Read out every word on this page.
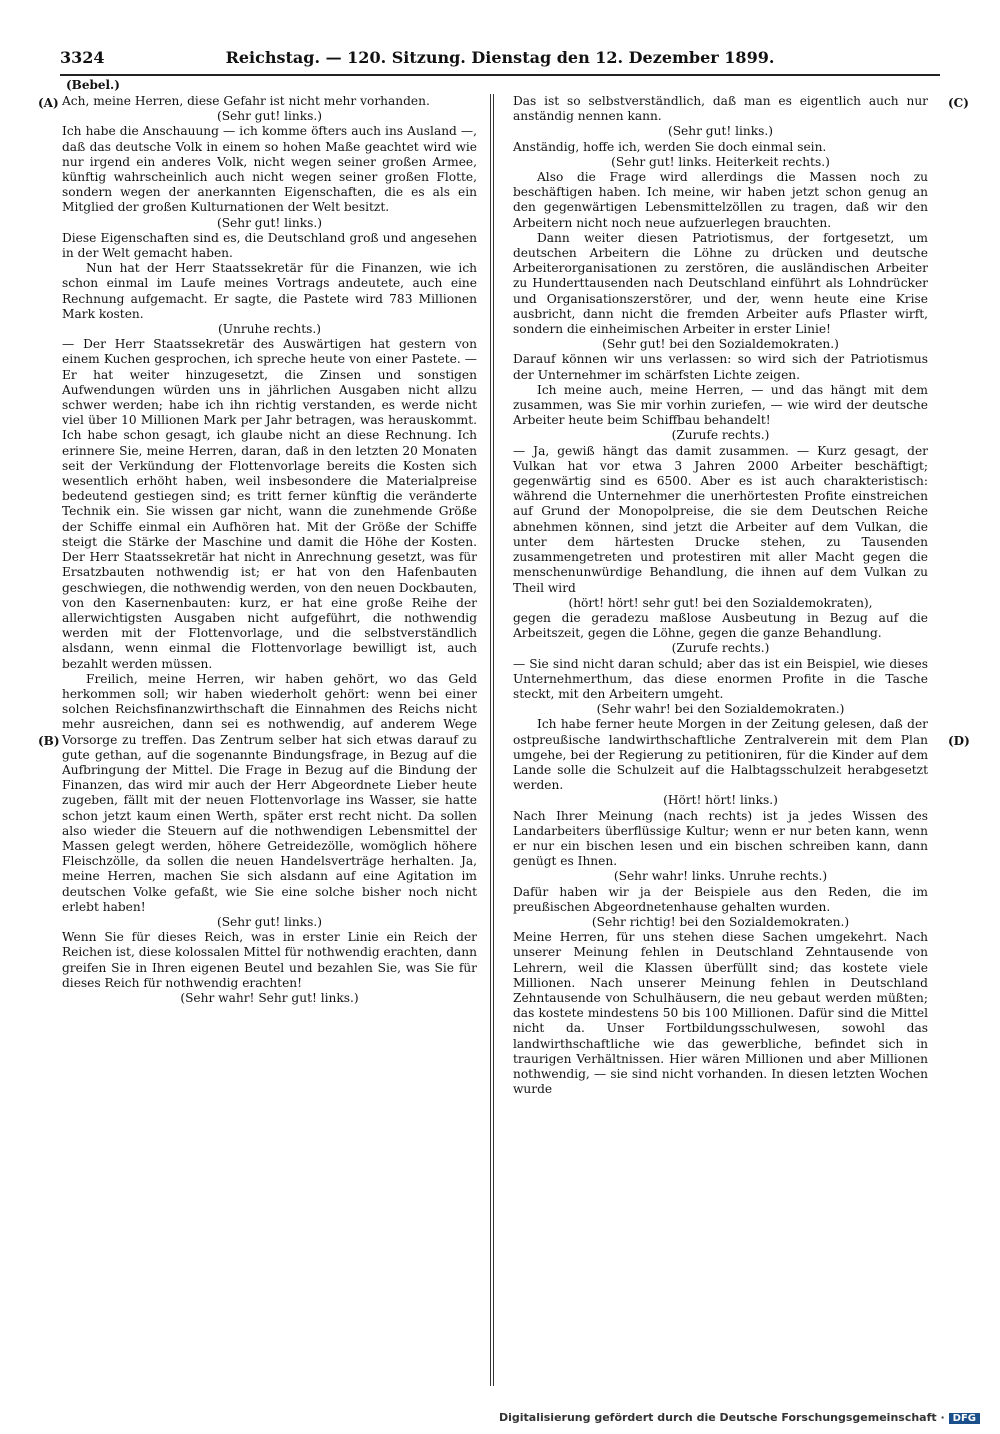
3324	Reichstag. — 120. Sitzung. Dienstag den 12. Dezember 1899.
(Bebel.)
(A)
(B)
(C)
(D)

Ach, meine Herren, diese Gefahr ist nicht mehr vorhanden.

(Sehr gut! links.)

Ich habe die Anschauung — ich komme öfters auch ins Ausland —, daß das deutsche Volk in einem so hohen Maße geachtet wird wie nur irgend ein anderes Volk, nicht wegen seiner großen Armee, künftig wahrscheinlich auch nicht wegen seiner großen Flotte, sondern wegen der anerkannten Eigenschaften, die es als ein Mitglied der großen Kulturnationen der Welt besitzt.

(Sehr gut! links.)

Diese Eigenschaften sind es, die Deutschland groß und angesehen in der Welt gemacht haben.

Nun hat der Herr Staatssekretär für die Finanzen, wie ich schon einmal im Laufe meines Vortrags andeutete, auch eine Rechnung aufgemacht. Er sagte, die Pastete wird 783 Millionen Mark kosten.

(Unruhe rechts.)

— Der Herr Staatssekretär des Auswärtigen hat gestern von einem Kuchen gesprochen, ich spreche heute von einer Pastete. — Er hat weiter hinzugesetzt, die Zinsen und sonstigen Aufwendungen würden uns in jährlichen Ausgaben nicht allzu schwer werden; habe ich ihn richtig verstanden, es werde nicht viel über 10 Millionen Mark per Jahr betragen, was herauskommt. Ich habe schon gesagt, ich glaube nicht an diese Rechnung. Ich erinnere Sie, meine Herren, daran, daß in den letzten 20 Monaten seit der Verkündung der Flottenvorlage bereits die Kosten sich wesentlich erhöht haben, weil insbesondere die Materialpreise bedeutend gestiegen sind; es tritt ferner künftig die veränderte Technik ein. Sie wissen gar nicht, wann die zunehmende Größe der Schiffe einmal ein Aufhören hat. Mit der Größe der Schiffe steigt die Stärke der Maschine und damit die Höhe der Kosten. Der Herr Staatssekretär hat nicht in Anrechnung gesetzt, was für Ersatzbauten nothwendig ist; er hat von den Hafenbauten geschwiegen, die nothwendig werden, von den neuen Dockbauten, von den Kasernenbauten: kurz, er hat eine große Reihe der allerwichtigsten Ausgaben nicht aufgeführt, die nothwendig werden mit der Flottenvorlage, und die selbstverständlich alsdann, wenn einmal die Flottenvorlage bewilligt ist, auch bezahlt werden müssen.

Freilich, meine Herren, wir haben gehört, wo das Geld herkommen soll; wir haben wiederholt gehört: wenn bei einer solchen Reichsfinanzwirthschaft die Einnahmen des Reichs nicht mehr ausreichen, dann sei es nothwendig, auf anderem Wege Vorsorge zu treffen. Das Zentrum selber hat sich etwas darauf zu gute gethan, auf die sogenannte Bindungsfrage, in Bezug auf die Aufbringung der Mittel. Die Frage in Bezug auf die Bindung der Finanzen, das wird mir auch der Herr Abgeordnete Lieber heute zugeben, fällt mit der neuen Flottenvorlage ins Wasser, sie hatte schon jetzt kaum einen Werth, später erst recht nicht. Da sollen also wieder die Steuern auf die nothwendigen Lebensmittel der Massen gelegt werden, höhere Getreidezölle, womöglich höhere Fleischzölle, da sollen die neuen Handelsverträge herhalten. Ja, meine Herren, machen Sie sich alsdann auf eine Agitation im deutschen Volke gefaßt, wie Sie eine solche bisher noch nicht erlebt haben!

(Sehr gut! links.)

Wenn Sie für dieses Reich, was in erster Linie ein Reich der Reichen ist, diese kolossalen Mittel für nothwendig erachten, dann greifen Sie in Ihren eigenen Beutel und bezahlen Sie, was Sie für dieses Reich für nothwendig erachten!

(Sehr wahr! Sehr gut! links.)

Das ist so selbstverständlich, daß man es eigentlich auch nur anständig nennen kann.

(Sehr gut! links.)

Anständig, hoffe ich, werden Sie doch einmal sein.

(Sehr gut! links. Heiterkeit rechts.)

Also die Frage wird allerdings die Massen noch zu beschäftigen haben. Ich meine, wir haben jetzt schon genug an den gegenwärtigen Lebensmittelzöllen zu tragen, daß wir den Arbeitern nicht noch neue aufzuerlegen brauchten.

Dann weiter diesen Patriotismus, der fortgesetzt, um deutschen Arbeitern die Löhne zu drücken und deutsche Arbeiterorganisationen zu zerstören, die ausländischen Arbeiter zu Hunderttausenden nach Deutschland einführt als Lohndrücker und Organisationszerstörer, und der, wenn heute eine Krise ausbricht, dann nicht die fremden Arbeiter aufs Pflaster wirft, sondern die einheimischen Arbeiter in erster Linie!

(Sehr gut! bei den Sozialdemokraten.)

Darauf können wir uns verlassen: so wird sich der Patriotismus der Unternehmer im schärfsten Lichte zeigen.

Ich meine auch, meine Herren, — und das hängt mit dem zusammen, was Sie mir vorhin zuriefen, — wie wird der deutsche Arbeiter heute beim Schiffbau behandelt!

(Zurufe rechts.)

— Ja, gewiß hängt das damit zusammen. — Kurz gesagt, der Vulkan hat vor etwa 3 Jahren 2000 Arbeiter beschäftigt; gegenwärtig sind es 6500. Aber es ist auch charakteristisch: während die Unternehmer die unerhörtesten Profite einstreichen auf Grund der Monopolpreise, die sie dem Deutschen Reiche abnehmen können, sind jetzt die Arbeiter auf dem Vulkan, die unter dem härtesten Drucke stehen, zu Tausenden zusammengetreten und protestiren mit aller Macht gegen die menschenunwürdige Behandlung, die ihnen auf dem Vulkan zu Theil wird

(hört! hört! sehr gut! bei den Sozialdemokraten),

gegen die geradezu maßlose Ausbeutung in Bezug auf die Arbeitszeit, gegen die Löhne, gegen die ganze Behandlung.

(Zurufe rechts.)

— Sie sind nicht daran schuld; aber das ist ein Beispiel, wie dieses Unternehmerthum, das diese enormen Profite in die Tasche steckt, mit den Arbeitern umgeht.

(Sehr wahr! bei den Sozialdemokraten.)

Ich habe ferner heute Morgen in der Zeitung gelesen, daß der ostpreußische landwirthschaftliche Zentralverein mit dem Plan umgehe, bei der Regierung zu petitioniren, für die Kinder auf dem Lande solle die Schulzeit auf die Halbtagsschulzeit herabgesetzt werden.

(Hört! hört! links.)

Nach Ihrer Meinung (nach rechts) ist ja jedes Wissen des Landarbeiters überflüssige Kultur; wenn er nur beten kann, wenn er nur ein bischen lesen und ein bischen schreiben kann, dann genügt es Ihnen.

(Sehr wahr! links. Unruhe rechts.)

Dafür haben wir ja der Beispiele aus den Reden, die im preußischen Abgeordnetenhause gehalten wurden.

(Sehr richtig! bei den Sozialdemokraten.)

Meine Herren, für uns stehen diese Sachen umgekehrt. Nach unserer Meinung fehlen in Deutschland Zehntausende von Lehrern, weil die Klassen überfüllt sind; das kostete viele Millionen. Nach unserer Meinung fehlen in Deutschland Zehntausende von Schulhäusern, die neu gebaut werden müßten; das kostete mindestens 50 bis 100 Millionen. Dafür sind die Mittel nicht da. Unser Fortbildungsschulwesen, sowohl das landwirthschaftliche wie das gewerbliche, befindet sich in traurigen Verhältnissen. Hier wären Millionen und aber Millionen nothwendig, — sie sind nicht vorhanden. In diesen letzten Wochen wurde

Digitalisierung gefördert durch die Deutsche Forschungsgemeinschaft · DFG
